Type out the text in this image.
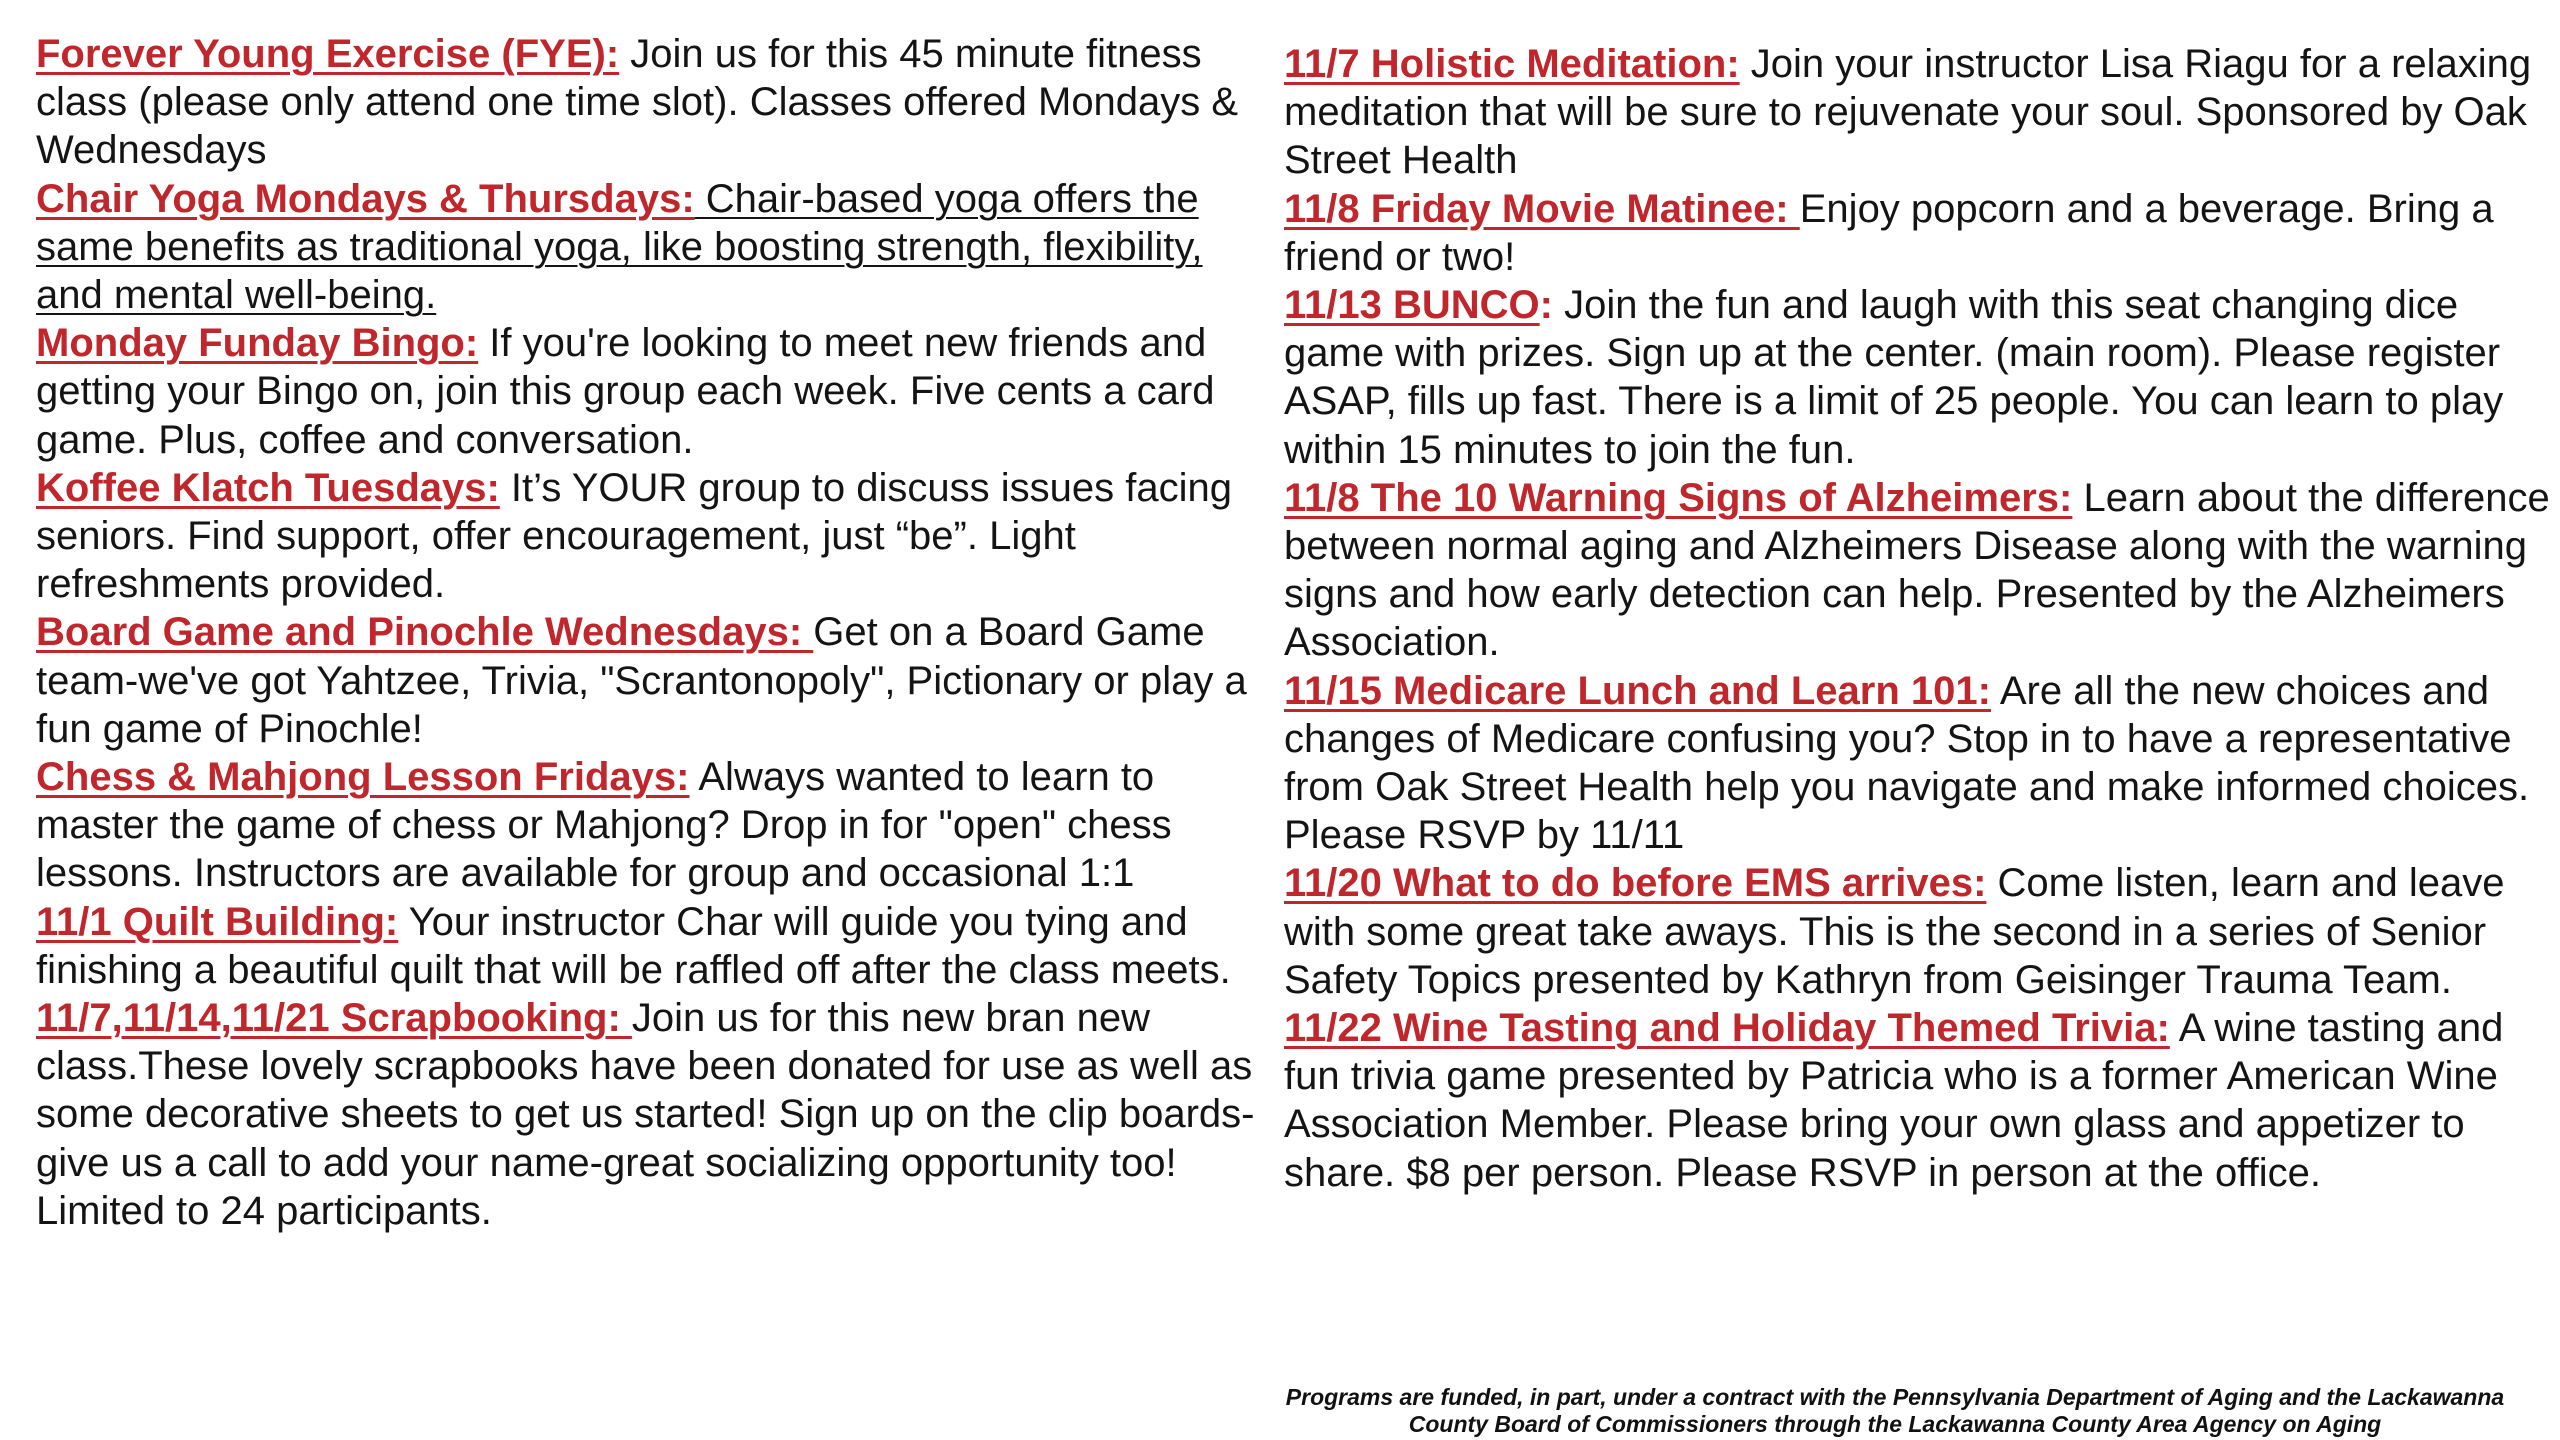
Forever Young Exercise (FYE): Join us for this 45 minute fitness class (please only attend one time slot). Classes offered Mondays & Wednesdays

Chair Yoga Mondays & Thursdays: Chair-based yoga offers the same benefits as traditional yoga, like boosting strength, flexibility, and mental well-being.

Monday Funday Bingo: If you're looking to meet new friends and getting your Bingo on, join this group each week. Five cents a card game. Plus, coffee and conversation.

Koffee Klatch Tuesdays: It’s YOUR group to discuss issues facing seniors. Find support, offer encouragement, just “be”. Light refreshments provided.

Board Game and Pinochle Wednesdays: Get on a Board Game team-we've got Yahtzee, Trivia, "Scrantonopoly", Pictionary or play a fun game of Pinochle!

Chess & Mahjong Lesson Fridays: Always wanted to learn to master the game of chess or Mahjong? Drop in for "open" chess lessons. Instructors are available for group and occasional 1:1

11/1 Quilt Building: Your instructor Char will guide you tying and finishing a beautiful quilt that will be raffled off after the class meets.

11/7,11/14,11/21 Scrapbooking: Join us for this new bran new class.These lovely scrapbooks have been donated for use as well as some decorative sheets to get us started! Sign up on the clip boards-give us a call to add your name-great socializing opportunity too! Limited to 24 participants.

11/7 Holistic Meditation: Join your instructor Lisa Riagu for a relaxing meditation that will be sure to rejuvenate your soul. Sponsored by Oak Street Health

11/8 Friday Movie Matinee: Enjoy popcorn and a beverage. Bring a friend or two!

11/13 BUNCO: Join the fun and laugh with this seat changing dice game with prizes. Sign up at the center. (main room). Please register ASAP, fills up fast. There is a limit of 25 people. You can learn to play within 15 minutes to join the fun.

11/8 The 10 Warning Signs of Alzheimers: Learn about the difference between normal aging and Alzheimers Disease along with the warning signs and how early detection can help. Presented by the Alzheimers Association.

11/15 Medicare Lunch and Learn 101: Are all the new choices and changes of Medicare confusing you? Stop in to have a representative from Oak Street Health help you navigate and make informed choices. Please RSVP by 11/11

11/20 What to do before EMS arrives: Come listen, learn and leave with some great take aways. This is the second in a series of Senior Safety Topics presented by Kathryn from Geisinger Trauma Team.

11/22 Wine Tasting and Holiday Themed Trivia: A wine tasting and fun trivia game presented by Patricia who is a former American Wine Association Member. Please bring your own glass and appetizer to share. $8 per person. Please RSVP in person at the office.

Programs are funded, in part, under a contract with the Pennsylvania Department of Aging and the Lackawanna
County Board of Commissioners through the Lackawanna County Area Agency on Aging
